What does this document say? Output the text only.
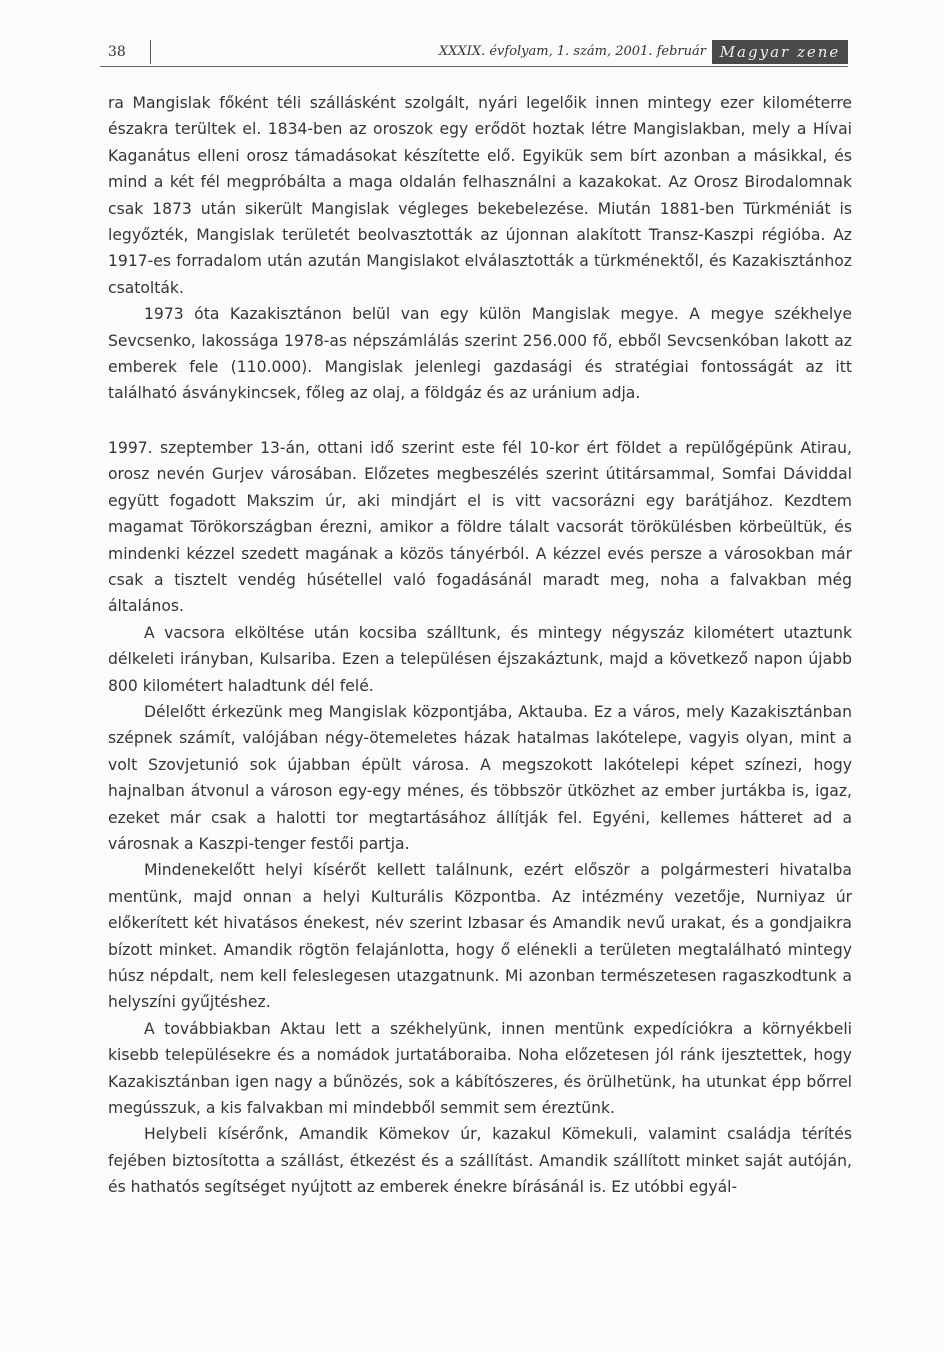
38	XXXIX. évfolyam, 1. szám, 2001. február Magyar zene

ra Mangislak főként téli szállásként szolgált, nyári legelőik innen mintegy ezer kilométerre északra terültek el. 1834-ben az oroszok egy erődöt hoztak létre Mangislakban, mely a Hívai Kaganátus elleni orosz támadásokat készítette elő. Egyikük sem bírt azonban a másikkal, és mind a két fél megpróbálta a maga oldalán felhasználni a kazakokat. Az Orosz Birodalomnak csak 1873 után sikerült Mangislak végleges bekebelezése. Miután 1881-ben Türkméniát is legyőzték, Mangislak területét beolvasztották az újonnan alakított Transz-Kaszpi régióba. Az 1917-es forradalom után azután Mangislakot elválasztották a türkménektől, és Kazakisztánhoz csatolták.

1973 óta Kazakisztánon belül van egy külön Mangislak megye. A megye székhelye Sevcsenko, lakossága 1978-as népszámlálás szerint 256.000 fő, ebből Sevcsenkóban lakott az emberek fele (110.000). Mangislak jelenlegi gazdasági és stratégiai fontosságát az itt található ásványkincsek, főleg az olaj, a földgáz és az uránium adja.

1997. szeptember 13-án, ottani idő szerint este fél 10-kor ért földet a repülőgépünk Atirau, orosz nevén Gurjev városában. Előzetes megbeszélés szerint útitársammal, Somfai Dáviddal együtt fogadott Makszim úr, aki mindjárt el is vitt vacsorázni egy barátjához. Kezdtem magamat Törökországban érezni, amikor a földre tálalt vacsorát törökülésben körbeültük, és mindenki kézzel szedett magának a közös tányérból. A kézzel evés persze a városokban már csak a tisztelt vendég húsétellel való fogadásánál maradt meg, noha a falvakban még általános.

A vacsora elköltése után kocsiba szálltunk, és mintegy négyszáz kilométert utaztunk délkeleti irányban, Kulsariba. Ezen a településen éjszakáztunk, majd a következő napon újabb 800 kilométert haladtunk dél felé.

Délelőtt érkezünk meg Mangislak központjába, Aktauba. Ez a város, mely Kazakisztánban szépnek számít, valójában négy-ötemeletes házak hatalmas lakótelepe, vagyis olyan, mint a volt Szovjetunió sok újabban épült városa. A megszokott lakótelepi képet színezi, hogy hajnalban átvonul a városon egy-egy ménes, és többször ütközhet az ember jurtákba is, igaz, ezeket már csak a halotti tor megtartásához állítják fel. Egyéni, kellemes hátteret ad a városnak a Kaszpi-tenger festői partja.

Mindenekelőtt helyi kísérőt kellett találnunk, ezért először a polgármesteri hivatalba mentünk, majd onnan a helyi Kulturális Központba. Az intézmény vezetője, Nurniyaz úr előkerített két hivatásos énekest, név szerint Izbasar és Amandik nevű urakat, és a gondjaikra bízott minket. Amandik rögtön felajánlotta, hogy ő elénekli a területen megtalálható mintegy húsz népdalt, nem kell feleslegesen utazgatnunk. Mi azonban természetesen ragaszkodtunk a helyszíni gyűjtéshez.

A továbbiakban Aktau lett a székhelyünk, innen mentünk expedíciókra a környékbeli kisebb településekre és a nomádok jurtatáboraiba. Noha előzetesen jól ránk ijesztettek, hogy Kazakisztánban igen nagy a bűnözés, sok a kábítószeres, és örülhetünk, ha utunkat épp bőrrel megússzuk, a kis falvakban mi mindebből semmit sem éreztünk.

Helybeli kísérőnk, Amandik Kömekov úr, kazakul Kömekuli, valamint családja térítés fejében biztosította a szállást, étkezést és a szállítást. Amandik szállított minket saját autóján, és hathatós segítséget nyújtott az emberek énekre bírásánál is. Ez utóbbi egyál-
